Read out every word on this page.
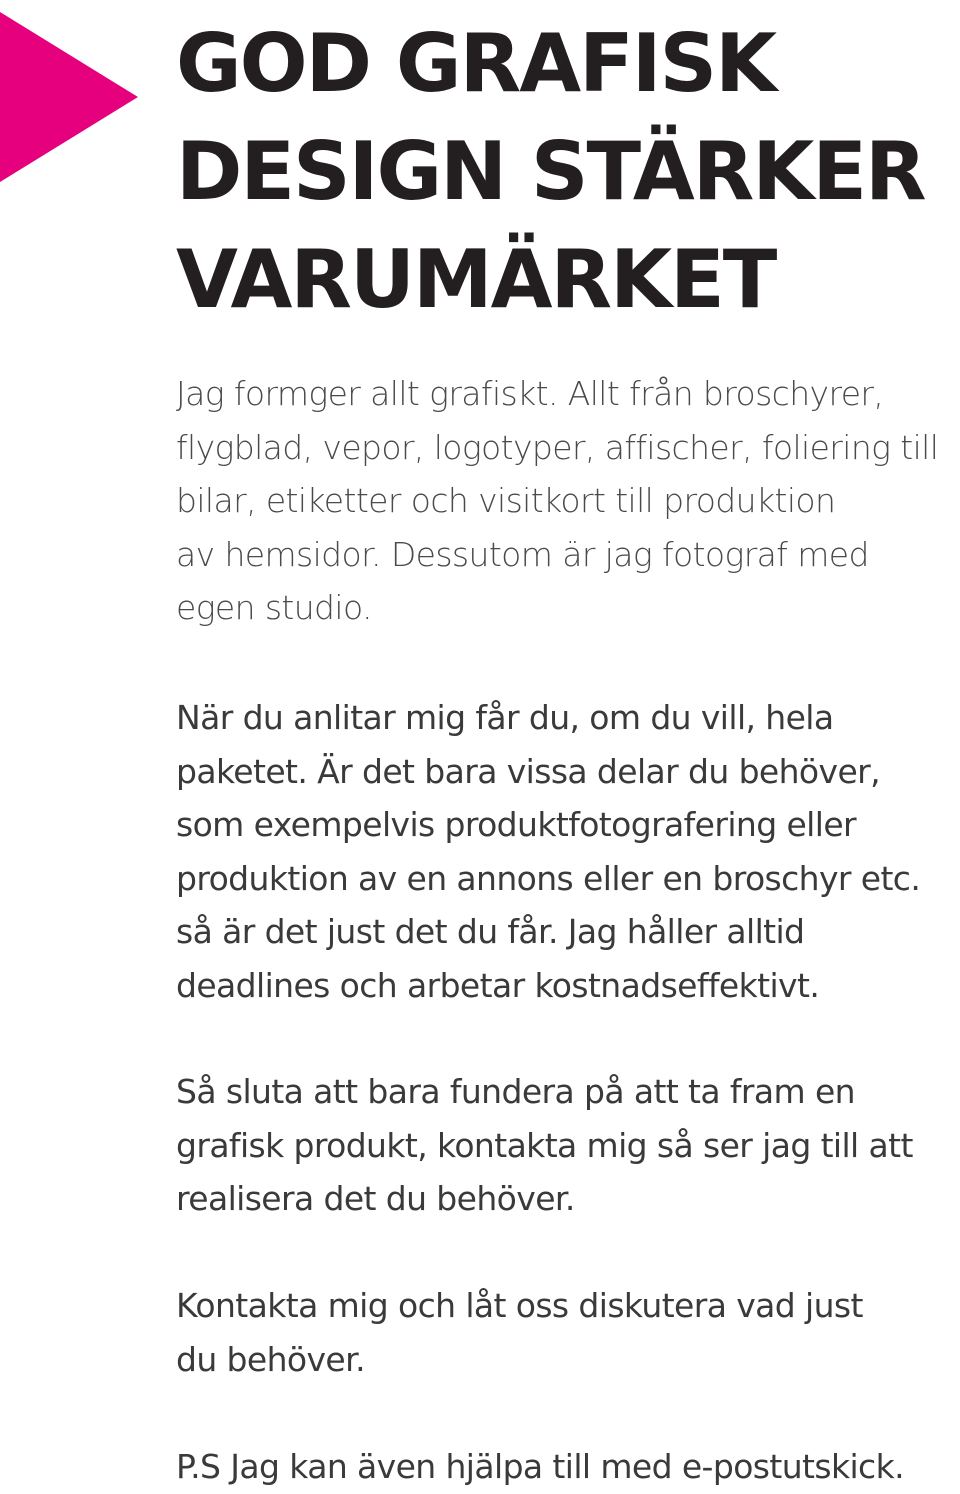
GOD GRAFISK
DESIGN STÄRKER
VARUMÄRKET

Jag formger allt grafiskt. Allt från broschyrer,
flygblad, vepor, logotyper, affischer, foliering till
bilar, etiketter och visitkort till produktion
av hemsidor. Dessutom är jag fotograf med
egen studio.

När du anlitar mig får du, om du vill, hela
paketet. Är det bara vissa delar du behöver,
som exempelvis produktfotografering eller
produktion av en annons eller en broschyr etc.
så är det just det du får. Jag håller alltid
deadlines och arbetar kostnadseffektivt.

Så sluta att bara fundera på att ta fram en
grafisk produkt, kontakta mig så ser jag till att
realisera det du behöver.

Kontakta mig och låt oss diskutera vad just
du behöver.

P.S Jag kan även hjälpa till med e-postutskick.
